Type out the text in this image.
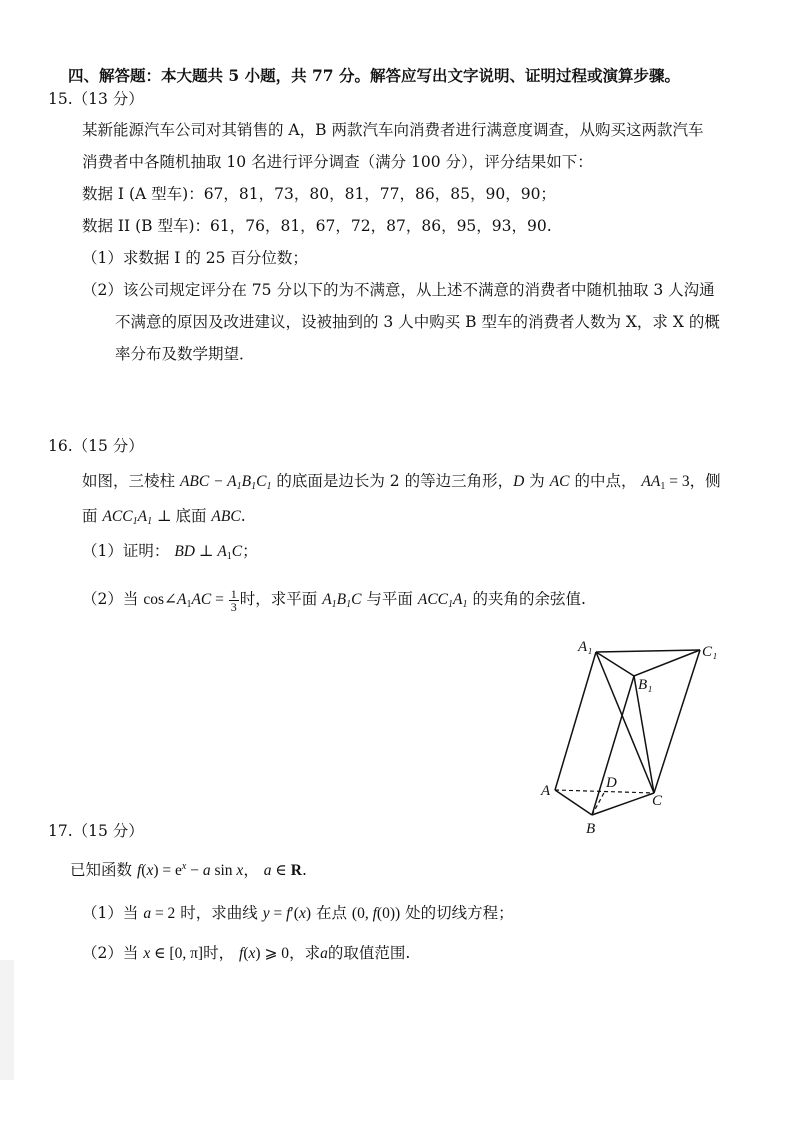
四、解答题：本大题共 5 小题，共 77 分。解答应写出文字说明、证明过程或演算步骤。
15.（13 分）
某新能源汽车公司对其销售的 A，B 两款汽车向消费者进行满意度调查，从购买这两款汽车
消费者中各随机抽取 10 名进行评分调查（满分 100 分），评分结果如下：
数据 I (A 型车)：67，81，73，80，81，77，86，85，90，90；
数据 II (B 型车)：61，76，81，67，72，87，86，95，93，90.
（1）求数据 I 的 25 百分位数；
（2）该公司规定评分在 75 分以下的为不满意，从上述不满意的消费者中随机抽取 3 人沟通
不满意的原因及改进建议，设被抽到的 3 人中购买 B 型车的消费者人数为 X，求 X 的概
率分布及数学期望．
16.（15 分）
如图，三棱柱 ABC − $A_1B_1C_1$ 的底面是边长为 2 的等边三角形，D 为 AC 的中点， $AA_1 = 3$，侧
面 $ACC_1A_1$ ⊥ 底面 ABC.
（1）证明： BD ⊥ $A_1C$；
（2）当 $\cos\angle A_1AC = \frac{1}{3}$ 时，求平面 $A_1B_1C$ 与平面 $ACC_1A_1$ 的夹角的余弦值.
A₁	C₁
B₁
A	D
C
B
17.（15 分）
已知函数 $f(x) = e^x - a$ sin x， a ∈ R.
（1）当 a = 2 时，求曲线 y = f′(x) 在点 (0, f(0)) 处的切线方程；
（2）当 x ∈ [0, π]时， f(x) ⩾ 0，求a的取值范围.
